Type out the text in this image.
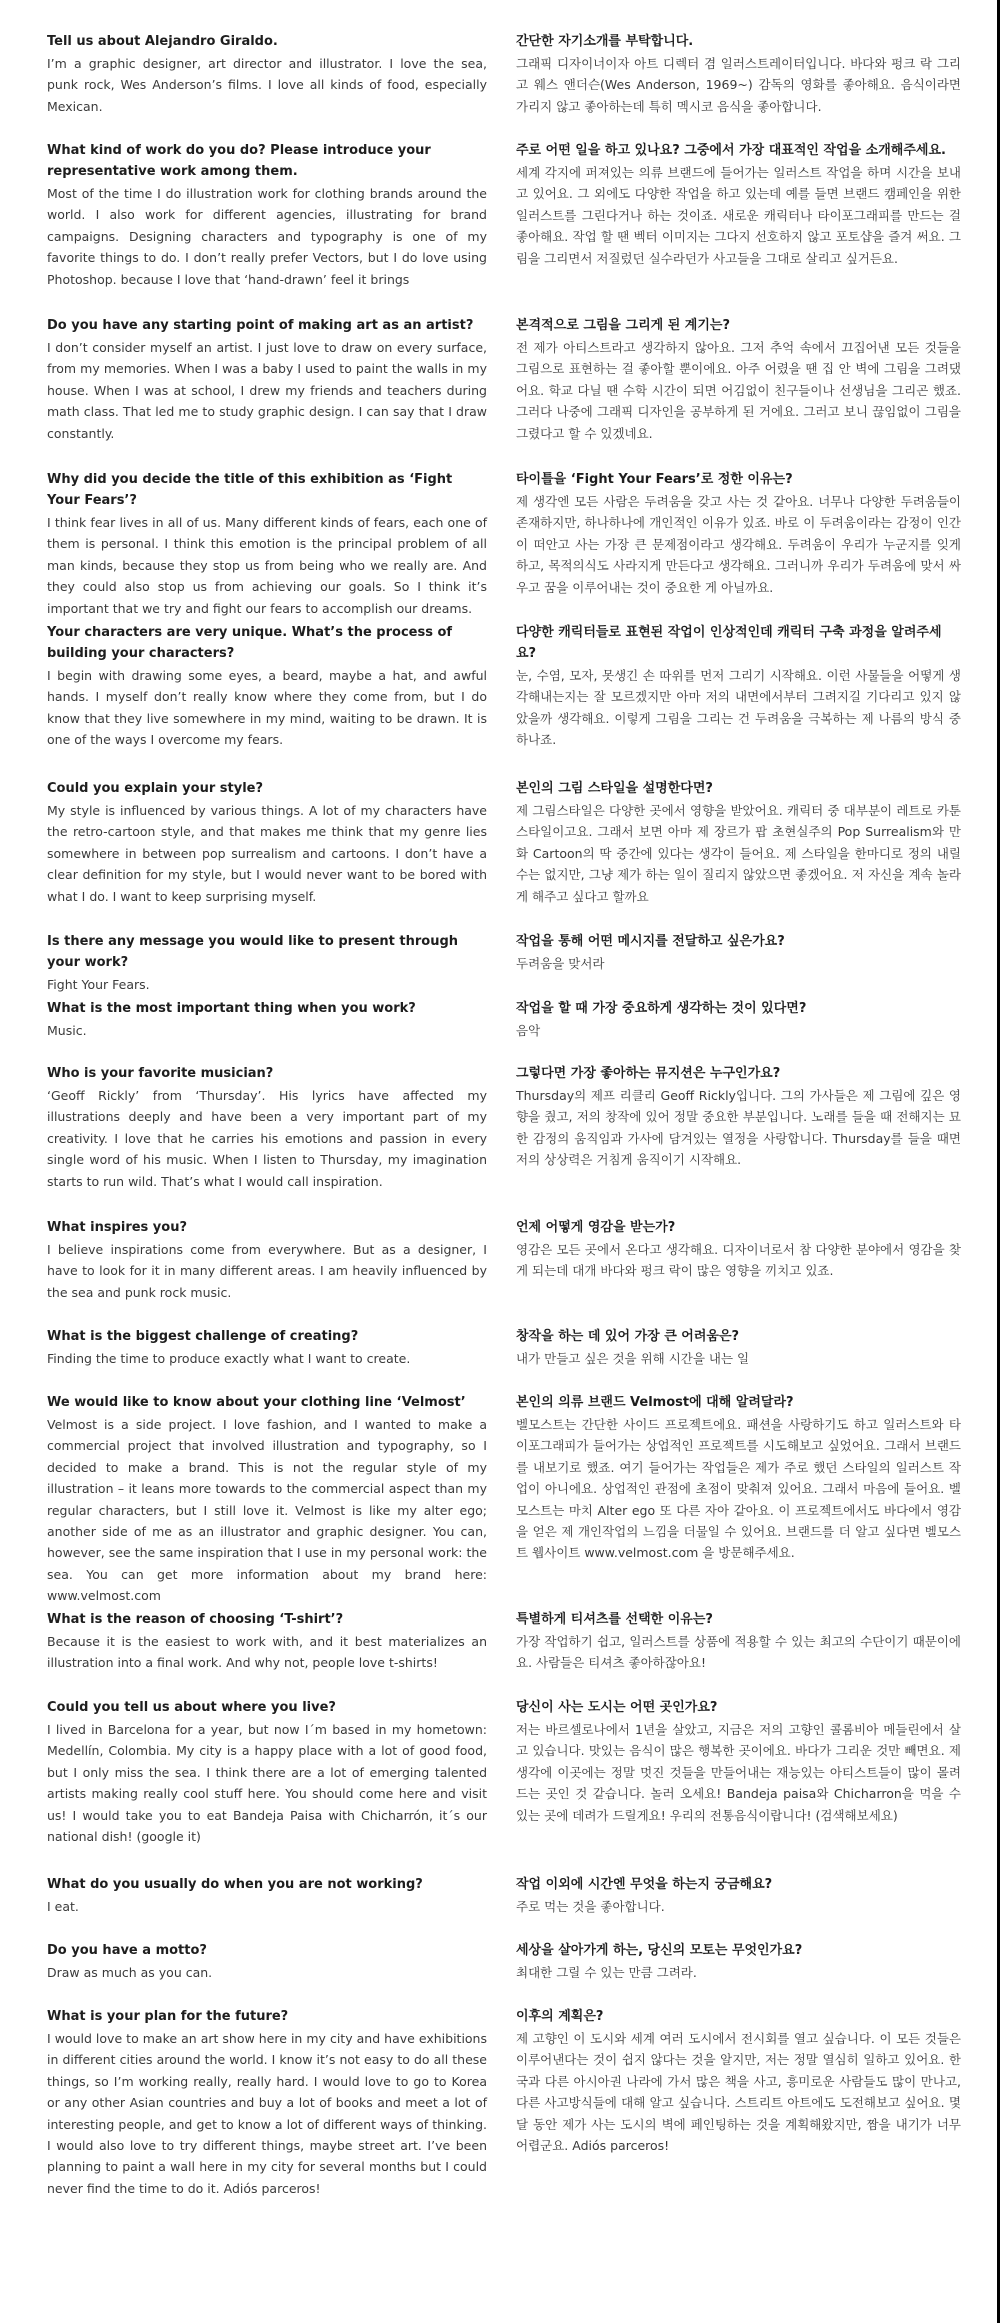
Tell us about Alejandro Giraldo.

I’m a graphic designer, art director and illustrator. I love the sea, punk rock, Wes Anderson’s films. I love all kinds of food, especially Mexican.

What kind of work do you do? Please introduce your representative work among them.

Most of the time I do illustration work for clothing brands around the world. I also work for different agencies, illustrating for brand campaigns. Designing characters and typography is one of my favorite things to do. I don’t really prefer Vectors, but I do love using Photoshop. because I love that ‘hand-drawn’ feel it brings

Do you have any starting point of making art as an artist?

I don’t consider myself an artist. I just love to draw on every surface, from my memories. When I was a baby I used to paint the walls in my house. When I was at school, I drew my friends and teachers during math class. That led me to study graphic design. I can say that I draw constantly.

Why did you decide the title of this exhibition as ‘Fight Your Fears’?

I think fear lives in all of us. Many different kinds of fears, each one of them is personal. I think this emotion is the principal problem of all man kinds, because they stop us from being who we really are. And they could also stop us from achieving our goals. So I think it’s important that we try and fight our fears to accomplish our dreams.

Your characters are very unique. What’s the process of building your characters?

I begin with drawing some eyes, a beard, maybe a hat, and awful hands. I myself don’t really know where they come from, but I do know that they live somewhere in my mind, waiting to be drawn. It is one of the ways I overcome my fears.

Could you explain your style?

My style is influenced by various things. A lot of my characters have the retro-cartoon style, and that makes me think that my genre lies somewhere in between pop surrealism and cartoons. I don’t have a clear definition for my style, but I would never want to be bored with what I do. I want to keep surprising myself.

Is there any message you would like to present through your work?

Fight Your Fears.

What is the most important thing when you work?

Music.

Who is your favorite musician?

‘Geoff Rickly’ from ‘Thursday’. His lyrics have affected my illustrations deeply and have been a very important part of my creativity. I love that he carries his emotions and passion in every single word of his music. When I listen to Thursday, my imagination starts to run wild. That’s what I would call inspiration.

What inspires you?

I believe inspirations come from everywhere. But as a designer, I have to look for it in many different areas. I am heavily influenced by the sea and punk rock music.

What is the biggest challenge of creating?

Finding the time to produce exactly what I want to create.

We would like to know about your clothing line ‘Velmost’

Velmost is a side project. I love fashion, and I wanted to make a commercial project that involved illustration and typography, so I decided to make a brand. This is not the regular style of my illustration – it leans more towards to the commercial aspect than my regular characters, but I still love it. Velmost is like my alter ego; another side of me as an illustrator and graphic designer. You can, however, see the same inspiration that I use in my personal work: the sea. You can get more information about my brand here: www.velmost.com

What is the reason of choosing ‘T-shirt’?

Because it is the easiest to work with, and it best materializes an illustration into a final work. And why not, people love t-shirts!

Could you tell us about where you live?

I lived in Barcelona for a year, but now I´m based in my hometown: Medellín, Colombia. My city is a happy place with a lot of good food, but I only miss the sea. I think there are a lot of emerging talented artists making really cool stuff here. You should come here and visit us! I would take you to eat Bandeja Paisa with Chicharrón, it´s our national dish! (google it)

What do you usually do when you are not working?

I eat.

Do you have a motto?

Draw as much as you can.

What is your plan for the future?

I would love to make an art show here in my city and have exhibitions in different cities around the world. I know it’s not easy to do all these things, so I’m working really, really hard. I would love to go to Korea or any other Asian countries and buy a lot of books and meet a lot of interesting people, and get to know a lot of different ways of thinking. I would also love to try different things, maybe street art. I’ve been planning to paint a wall here in my city for several months but I could never find the time to do it. Adiós parceros!

간단한 자기소개를 부탁합니다.

그래픽 디자이너이자 아트 디렉터 겸 일러스트레이터입니다. 바다와 펑크 락 그리고 웨스 앤더슨(Wes Anderson, 1969~) 감독의 영화를 좋아해요. 음식이라면 가리지 않고 좋아하는데 특히 멕시코 음식을 좋아합니다.

주로 어떤 일을 하고 있나요? 그중에서 가장 대표적인 작업을 소개해주세요.

세계 각지에 퍼져있는 의류 브랜드에 들어가는 일러스트 작업을 하며 시간을 보내고 있어요. 그 외에도 다양한 작업을 하고 있는데 예를 들면 브랜드 캠페인을 위한 일러스트를 그린다거나 하는 것이죠. 새로운 캐릭터나 타이포그래피를 만드는 걸 좋아해요. 작업 할 땐 벡터 이미지는 그다지 선호하지 않고 포토샵을 즐겨 써요. 그림을 그리면서 저질렀던 실수라던가 사고들을 그대로 살리고 싶거든요.

본격적으로 그림을 그리게 된 계기는?

전 제가 아티스트라고 생각하지 않아요. 그저 추억 속에서 끄집어낸 모든 것들을 그림으로 표현하는 걸 좋아할 뿐이에요. 아주 어렸을 땐 집 안 벽에 그림을 그려댔어요. 학교 다닐 땐 수학 시간이 되면 어김없이 친구들이나 선생님을 그리곤 했죠. 그러다 나중에 그래픽 디자인을 공부하게 된 거에요. 그러고 보니 끊임없이 그림을 그렸다고 할 수 있겠네요.

타이틀을 ‘Fight Your Fears’로 정한 이유는?

제 생각엔 모든 사람은 두려움을 갖고 사는 것 같아요. 너무나 다양한 두려움들이 존재하지만, 하나하나에 개인적인 이유가 있죠. 바로 이 두려움이라는 감정이 인간이 떠안고 사는 가장 큰 문제점이라고 생각해요. 두려움이 우리가 누군지를 잊게 하고, 목적의식도 사라지게 만든다고 생각해요. 그러니까 우리가 두려움에 맞서 싸우고 꿈을 이루어내는 것이 중요한 게 아닐까요.

다양한 캐릭터들로 표현된 작업이 인상적인데 캐릭터 구축 과정을 알려주세요?

눈, 수염, 모자, 못생긴 손 따위를 먼저 그리기 시작해요. 이런 사물들을 어떻게 생각해내는지는 잘 모르겠지만 아마 저의 내면에서부터 그려지길 기다리고 있지 않았을까 생각해요. 이렇게 그림을 그리는 건 두려움을 극복하는 제 나름의 방식 중 하나죠.

본인의 그림 스타일을 설명한다면?

제 그림스타일은 다양한 곳에서 영향을 받았어요. 캐릭터 중 대부분이 레트로 카툰 스타일이고요. 그래서 보면 아마 제 장르가 팝 초현실주의 Pop Surrealism와 만화 Cartoon의 딱 중간에 있다는 생각이 들어요. 제 스타일을 한마디로 정의 내릴 수는 없지만, 그냥 제가 하는 일이 질리지 않았으면 좋겠어요. 저 자신을 계속 놀라게 해주고 싶다고 할까요

작업을 통해 어떤 메시지를 전달하고 싶은가요?

두려움을 맞서라

작업을 할 때 가장 중요하게 생각하는 것이 있다면?

음악

그렇다면 가장 좋아하는 뮤지션은 누구인가요?

Thursday의 제프 리클리 Geoff Rickly입니다. 그의 가사들은 제 그림에 깊은 영향을 줬고, 저의 창작에 있어 정말 중요한 부분입니다. 노래를 들을 때 전해지는 묘한 감정의 움직임과 가사에 담겨있는 열정을 사랑합니다. Thursday를 들을 때면 저의 상상력은 거침게 움직이기 시작해요.

언제 어떻게 영감을 받는가?

영감은 모든 곳에서 온다고 생각해요. 디자이너로서 참 다양한 분야에서 영감을 찾게 되는데 대개 바다와 펑크 락이 많은 영향을 끼치고 있죠.

창작을 하는 데 있어 가장 큰 어려움은?

내가 만들고 싶은 것을 위해 시간을 내는 일

본인의 의류 브랜드 Velmost에 대해 알려달라?

벨모스트는 간단한 사이드 프로젝트에요. 패션을 사랑하기도 하고 일러스트와 타이포그래피가 들어가는 상업적인 프로젝트를 시도해보고 싶었어요. 그래서 브랜드를 내보기로 했죠. 여기 들어가는 작업들은 제가 주로 했던 스타일의 일러스트 작업이 아니에요. 상업적인 관점에 초점이 맞춰져 있어요. 그래서 마음에 들어요. 벨모스트는 마치 Alter ego 또 다른 자아 같아요. 이 프로젝트에서도 바다에서 영감을 얻은 제 개인작업의 느낌을 더물일 수 있어요. 브랜드를 더 알고 싶다면 벨모스트 웹사이트 www.velmost.com 을 방문해주세요.

특별하게 티셔츠를 선택한 이유는?

가장 작업하기 쉽고, 일러스트를 상품에 적용할 수 있는 최고의 수단이기 때문이에요. 사람들은 티셔츠 좋아하잖아요!

당신이 사는 도시는 어떤 곳인가요?

저는 바르셀로나에서 1년을 살았고, 지금은 저의 고향인 콜롬비아 메들린에서 살고 있습니다. 맛있는 음식이 많은 행복한 곳이에요. 바다가 그리운 것만 빼면요. 제 생각에 이곳에는 정말 멋진 것들을 만들어내는 재능있는 아티스트들이 많이 몰려드는 곳인 것 같습니다. 놀러 오세요! Bandeja paisa와 Chicharron을 먹을 수 있는 곳에 데려가 드릴게요! 우리의 전통음식이랍니다! (검색해보세요)

작업 이외에 시간엔 무엇을 하는지 궁금해요?

주로 먹는 것을 좋아합니다.

세상을 살아가게 하는, 당신의 모토는 무엇인가요?

최대한 그릴 수 있는 만큼 그려라.

이후의 계획은?

제 고향인 이 도시와 세계 여러 도시에서 전시회를 열고 싶습니다. 이 모든 것들은 이루어낸다는 것이 쉽지 않다는 것을 알지만, 저는 정말 열심히 일하고 있어요. 한국과 다른 아시아권 나라에 가서 많은 책을 사고, 흥미로운 사람들도 많이 만나고, 다른 사고방식들에 대해 알고 싶습니다. 스트리트 아트에도 도전해보고 싶어요. 몇 달 동안 제가 사는 도시의 벽에 페인팅하는 것을 계획해왔지만, 짬을 내기가 너무 어렵군요. Adiós parceros!
